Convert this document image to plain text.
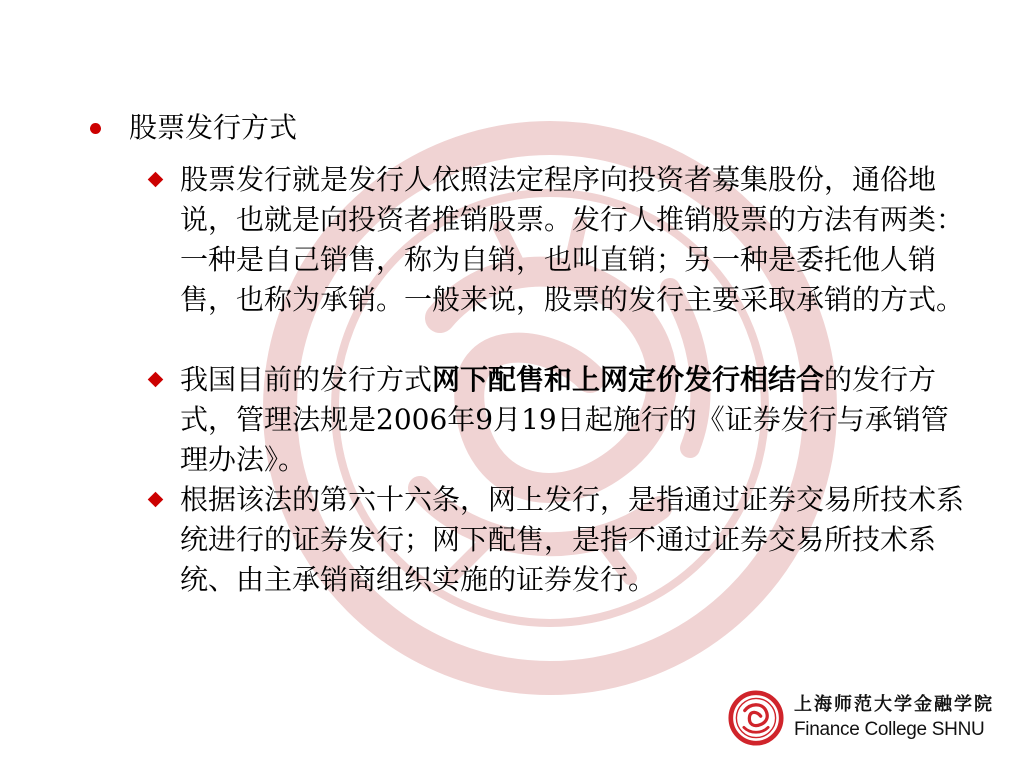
股票发行方式
股票发行就是发行人依照法定程序向投资者募集股份，通俗地说，也就是向投资者推销股票。发行人推销股票的方法有两类：一种是自己销售，称为自销，也叫直销；另一种是委托他人销售，也称为承销。一般来说，股票的发行主要采取承销的方式。
我国目前的发行方式网下配售和上网定价发行相结合的发行方式，管理法规是2006年9月19日起施行的《证券发行与承销管理办法》。
根据该法的第六十六条，网上发行，是指通过证券交易所技术系统进行的证券发行；网下配售，是指不通过证券交易所技术系统、由主承销商组织实施的证券发行。
上海师范大学金融学院
Finance College SHNU
